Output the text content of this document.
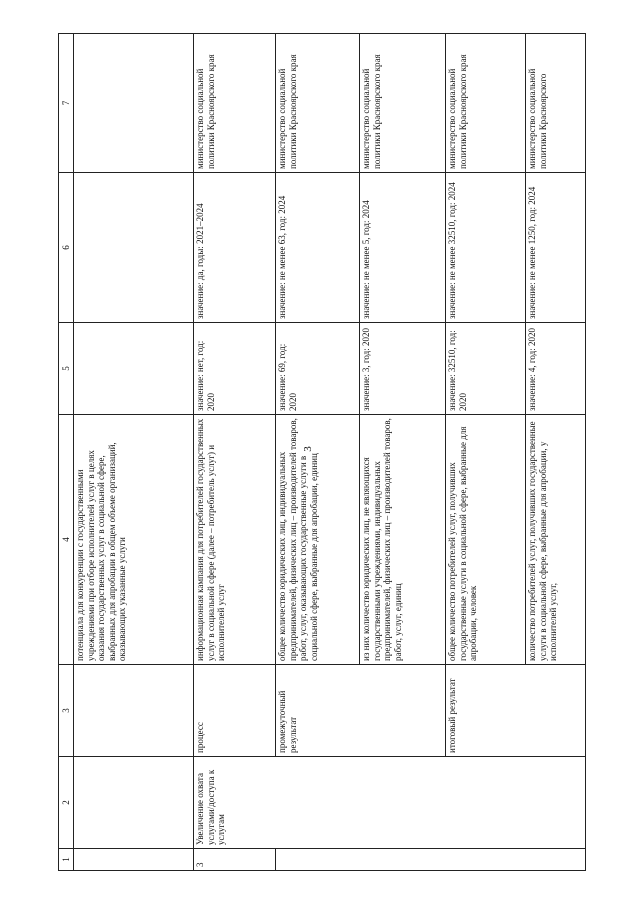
3
1	2	3	4	5	6	7
			потенциала для конкуренции с государственными учреждениями при отборе исполнителей услуг в целях оказания государственных услуг в социальной сфере, выбранных для апробации в общем объеме организаций, оказывающих указанные услуги			
3	Увеличение охвата услугами/доступа к услугам	процесс	информационная кампания для потребителей государственных услуг в социальной сфере (далее – потребитель услуг) и исполнителей услуг	значение: нет, год: 2020	значение: да, годы: 2021–2024	министерство социальной политики Красноярского края
		промежуточный результат	общее количество юридических лиц, индивидуальных предпринимателей, физических лиц – производителей товаров, работ, услуг, оказывающих государственные услуги в социальной сфере, выбранные для апробации, единиц	значение: 69, год: 2020	значение: не менее 63, год: 2024	министерство социальной политики Красноярского края
			из них количество юридических лиц, не являющихся государственными учреждениями, индивидуальных предпринимателей, физических лиц – производителей товаров, работ, услуг, единиц	значение: 3, год: 2020	значение: не менее 5, год: 2024	министерство социальной политики Красноярского края
		итоговый результат	общее количество потребителей услуг, получивших государственные услуги в социальной сфере, выбранные для апробации, человек	значение: 32510, год: 2020	значение: не менее 32510, год: 2024	министерство социальной политики Красноярского края
			количество потребителей услуг, получивших государственные услуги в социальной сфере, выбранные для апробации, у исполнителей услуг,	значение: 4, год: 2020	значение: не менее 1250, год: 2024	министерство социальной политики Красноярского
